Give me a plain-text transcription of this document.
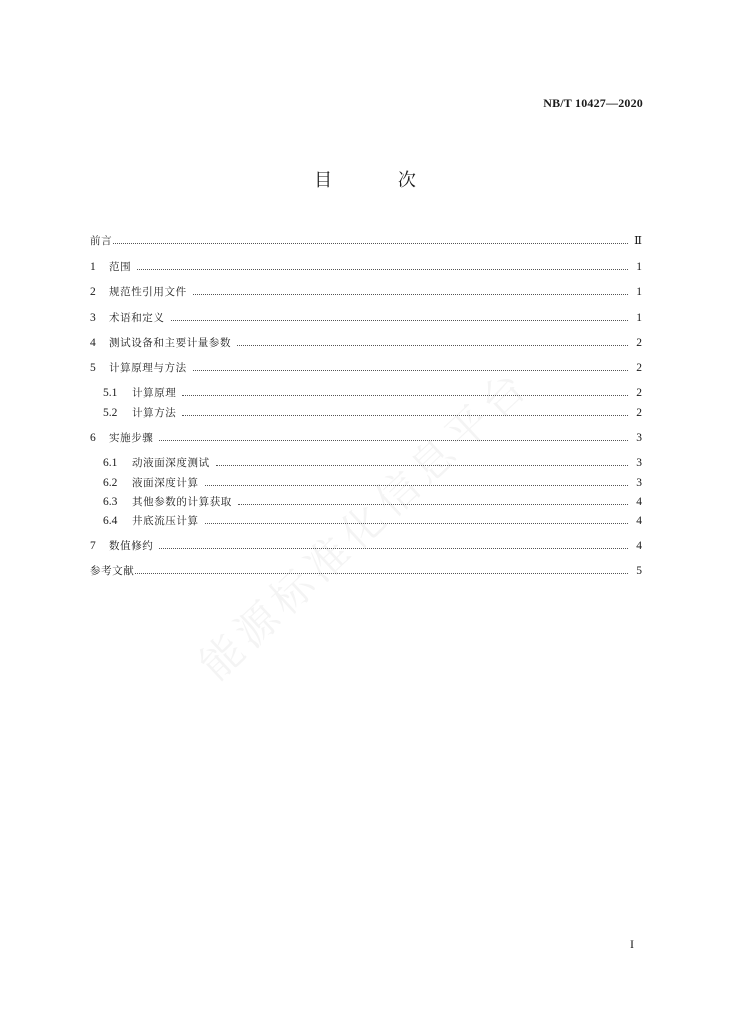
NB/T 10427—2020
目 次
前言	Ⅱ
1	范围	1
2	规范性引用文件	1
3	术语和定义	1
4	测试设备和主要计量参数	2
5	计算原理与方法	2
5.1	计算原理	2
5.2	计算方法	2
6	实施步骤	3
6.1	动液面深度测试	3
6.2	液面深度计算	3
6.3	其他参数的计算获取	4
6.4	井底流压计算	4
7	数值修约	4
参考文献	5
I
